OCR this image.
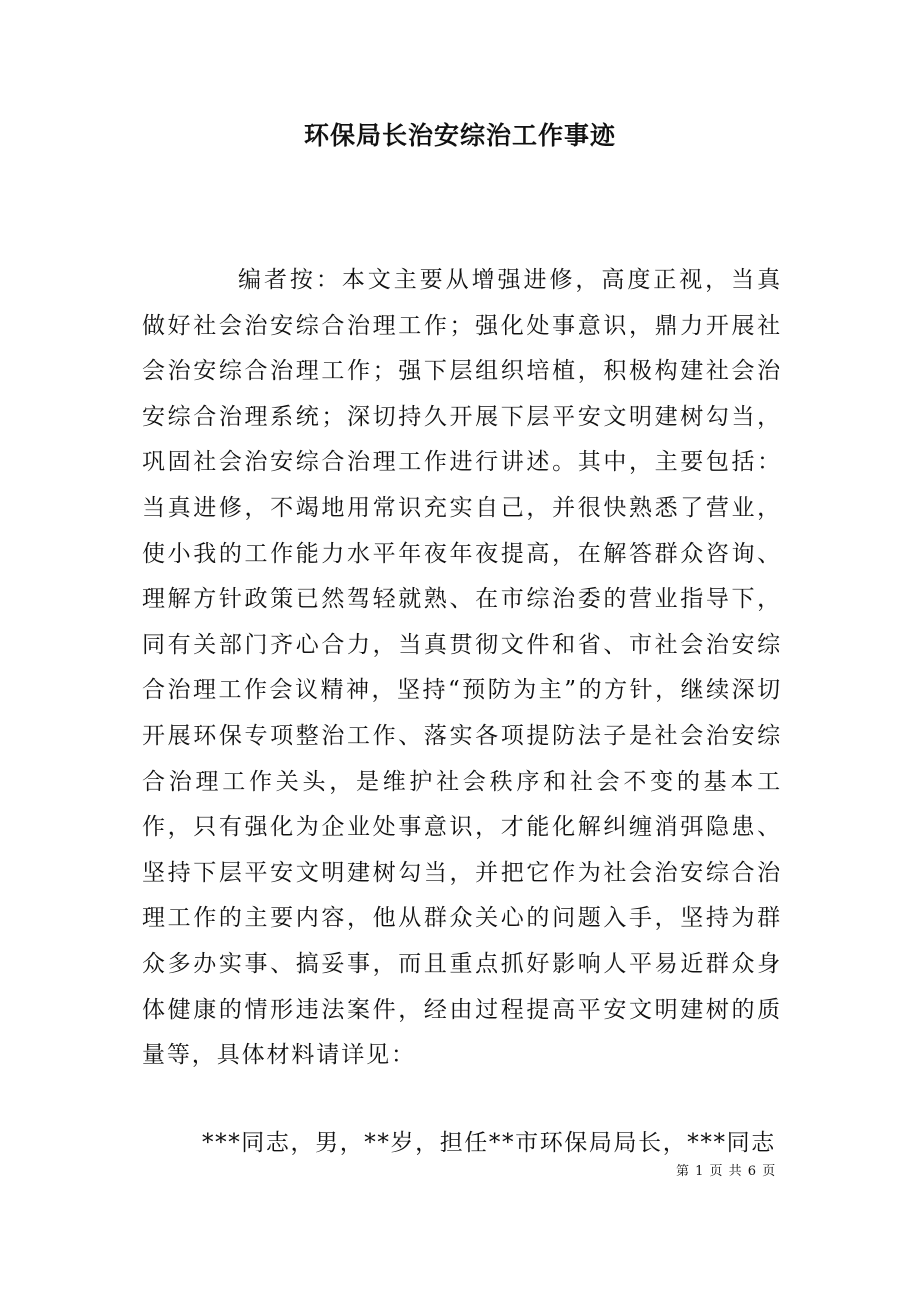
环保局长治安综治工作事迹

编者按：本文主要从增强进修，高度正视，当真做好社会治安综合治理工作；强化处事意识，鼎力开展社会治安综合治理工作；强下层组织培植，积极构建社会治安综合治理系统；深切持久开展下层平安文明建树勾当，巩固社会治安综合治理工作进行讲述。其中，主要包括：当真进修，不竭地用常识充实自己，并很快熟悉了营业，使小我的工作能力水平年夜年夜提高，在解答群众咨询、理解方针政策已然驾轻就熟、在市综治委的营业指导下，同有关部门齐心合力，当真贯彻文件和省、市社会治安综合治理工作会议精神，坚持“预防为主”的方针，继续深切开展环保专项整治工作、落实各项提防法子是社会治安综合治理工作关头，是维护社会秩序和社会不变的基本工作，只有强化为企业处事意识，才能化解纠缠消弭隐患、坚持下层平安文明建树勾当，并把它作为社会治安综合治理工作的主要内容，他从群众关心的问题入手，坚持为群众多办实事、搞妥事，而且重点抓好影响人平易近群众身体健康的情形违法案件，经由过程提高平安文明建树的质量等，具体材料请详见：

***同志，男，**岁，担任**市环保局局长，***同志

第 1 页 共 6 页
